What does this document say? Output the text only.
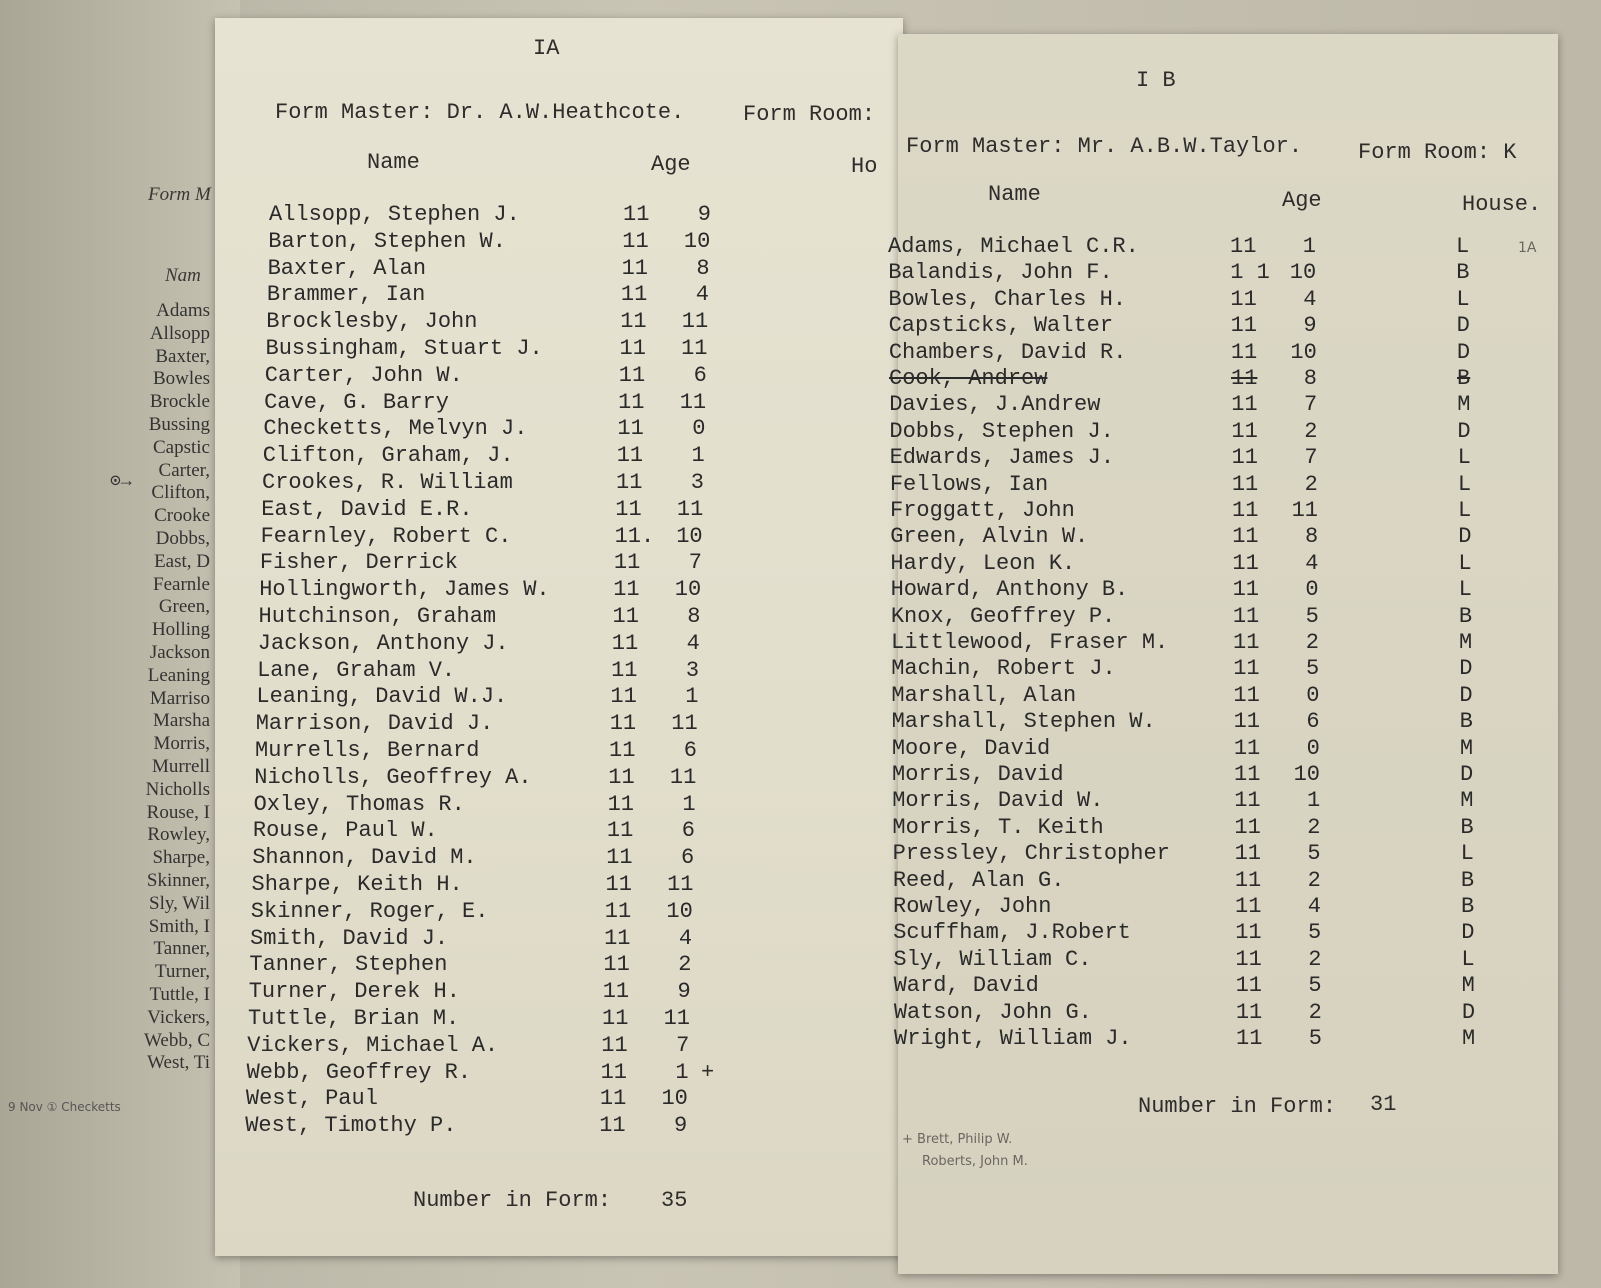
Form M
Nam
Adams
Allsopp
Baxter,
Bowles
Brockle
Bussing
Capstic
Carter,
Clifton,
Crooke
Dobbs,
East, D
Fearnle
Green,
Holling
Jackson
Leaning
Marriso
Marsha
Morris,
Murrell
Nicholls
Rouse, I
Rowley,
Sharpe,
Skinner,
Sly, Wil
Smith, I
Tanner,
Turner,
Tuttle, I
Vickers,
Webb, C
West, Ti
⊙→
9 Nov ① Checketts
IA
Form Master: Dr. A.W.Heathcote.	Form Room:
Name	Age	Ho
Allsopp, Stephen J.	11	9
Barton, Stephen W.	11	10
Baxter, Alan	11	8
Brammer, Ian	11	4
Brocklesby, John	11	11
Bussingham, Stuart J.	11	11
Carter, John W.	11	6
Cave, G. Barry	11	11
Checketts, Melvyn J.	11	0
Clifton, Graham, J.	11	1
Crookes, R. William	11	3
East, David E.R.	11	11
Fearnley, Robert C.	11. 10
Fisher, Derrick	11	7
Hollingworth, James W.	11	10
Hutchinson, Graham	11	8
Jackson, Anthony J.	11	4
Lane, Graham V.	11	3
Leaning, David W.J.	11	1
Marrison, David J.	11	11
Murrells, Bernard	11	6
Nicholls, Geoffrey A.	11	11
Oxley, Thomas R.	11	1
Rouse, Paul W.	11	6
Shannon, David M.	11	6
Sharpe, Keith H.	11	11
Skinner, Roger, E.	11	10
Smith, David J.	11	4
Tanner, Stephen	11	2
Turner, Derek H.	11	9
Tuttle, Brian M.	11	11
Vickers, Michael A.	11	7
Webb, Geoffrey R.	11	1
West, Paul	11	10
West, Timothy P.	11	9
Number in Form: 35
+
I B
Form Master: Mr. A.B.W.Taylor.	Form Room: K
Name	Age	House.
1A
Adams, Michael C.R.	11	1	L
Balandis, John F.	1 1 10	B
Bowles, Charles H.	11	4	L
Capsticks, Walter	11	9	D
Chambers, David R.	11	10	D
Cook, Andrew	11	8	B
Davies, J.Andrew	11	7	M
Dobbs, Stephen J.	11	2	D
Edwards, James J.	11	7	L
Fellows, Ian	11	2	L
Froggatt, John	11	11	L
Green, Alvin W.	11	8	D
Hardy, Leon K.	11	4	L
Howard, Anthony B.	11	0	L
Knox, Geoffrey P.	11	5	B
Littlewood, Fraser M.	11	2	M
Machin, Robert J.	11	5	D
Marshall, Alan	11	0	D
Marshall, Stephen W.	11	6	B
Moore, David	11	0	M
Morris, David	11	10	D
Morris, David W.	11	1	M
Morris, T. Keith	11	2	B
Pressley, Christopher	11	5	L
Reed, Alan G.	11	2	B
Rowley, John	11	4	B
Scuffham, J.Robert	11	5	D
Sly, William C.	11	2	L
Ward, David	11	5	M
Watson, John G.	11	2	D
Wright, William J.	11	5	M
Number in Form: 31
+ Brett, Philip W.
Roberts, John M.
